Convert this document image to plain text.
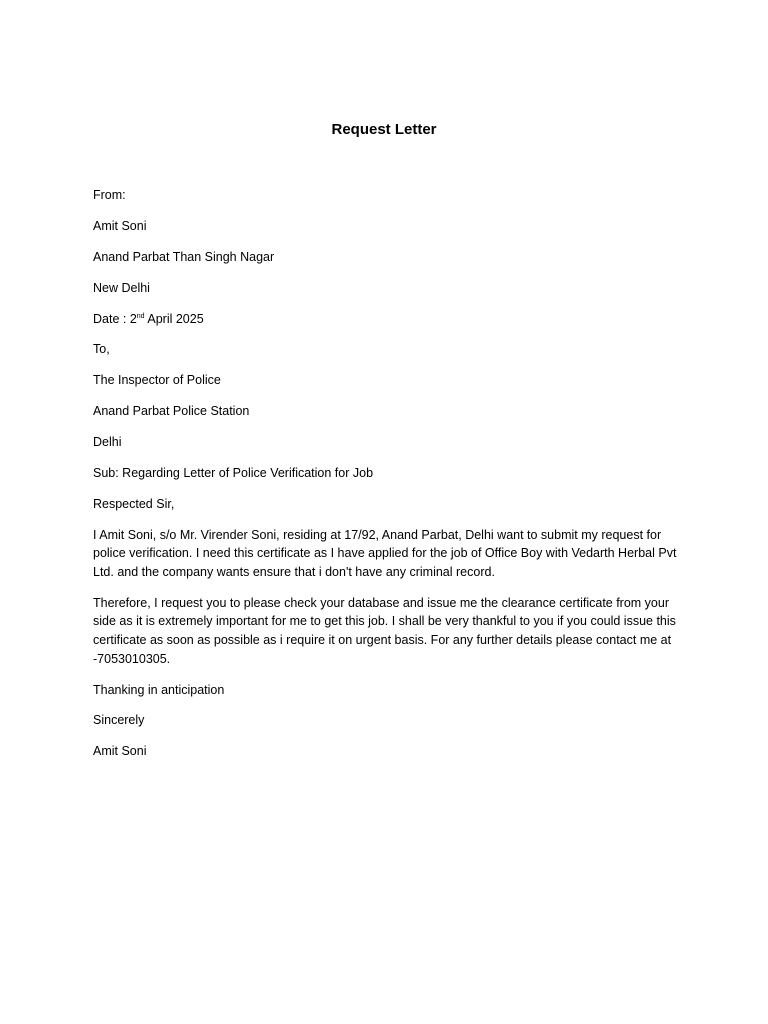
Request Letter
From:
Amit Soni
Anand Parbat Than Singh Nagar
New Delhi
Date : 2nd April 2025
To,
The Inspector of Police
Anand Parbat Police Station
Delhi
Sub: Regarding Letter of Police Verification for Job
Respected Sir,
I Amit Soni, s/o Mr. Virender Soni, residing at 17/92, Anand Parbat, Delhi want to submit my request for police verification. I need this certificate as I have applied for the job of Office Boy with Vedarth Herbal Pvt Ltd. and the company wants ensure that i don't have any criminal record.
Therefore, I request you to please check your database and issue me the clearance certificate from your side as it is extremely important for me to get this job. I shall be very thankful to you if you could issue this certificate as soon as possible as i require it on urgent basis. For any further details please contact me at -7053010305.
Thanking in anticipation
Sincerely
Amit Soni
